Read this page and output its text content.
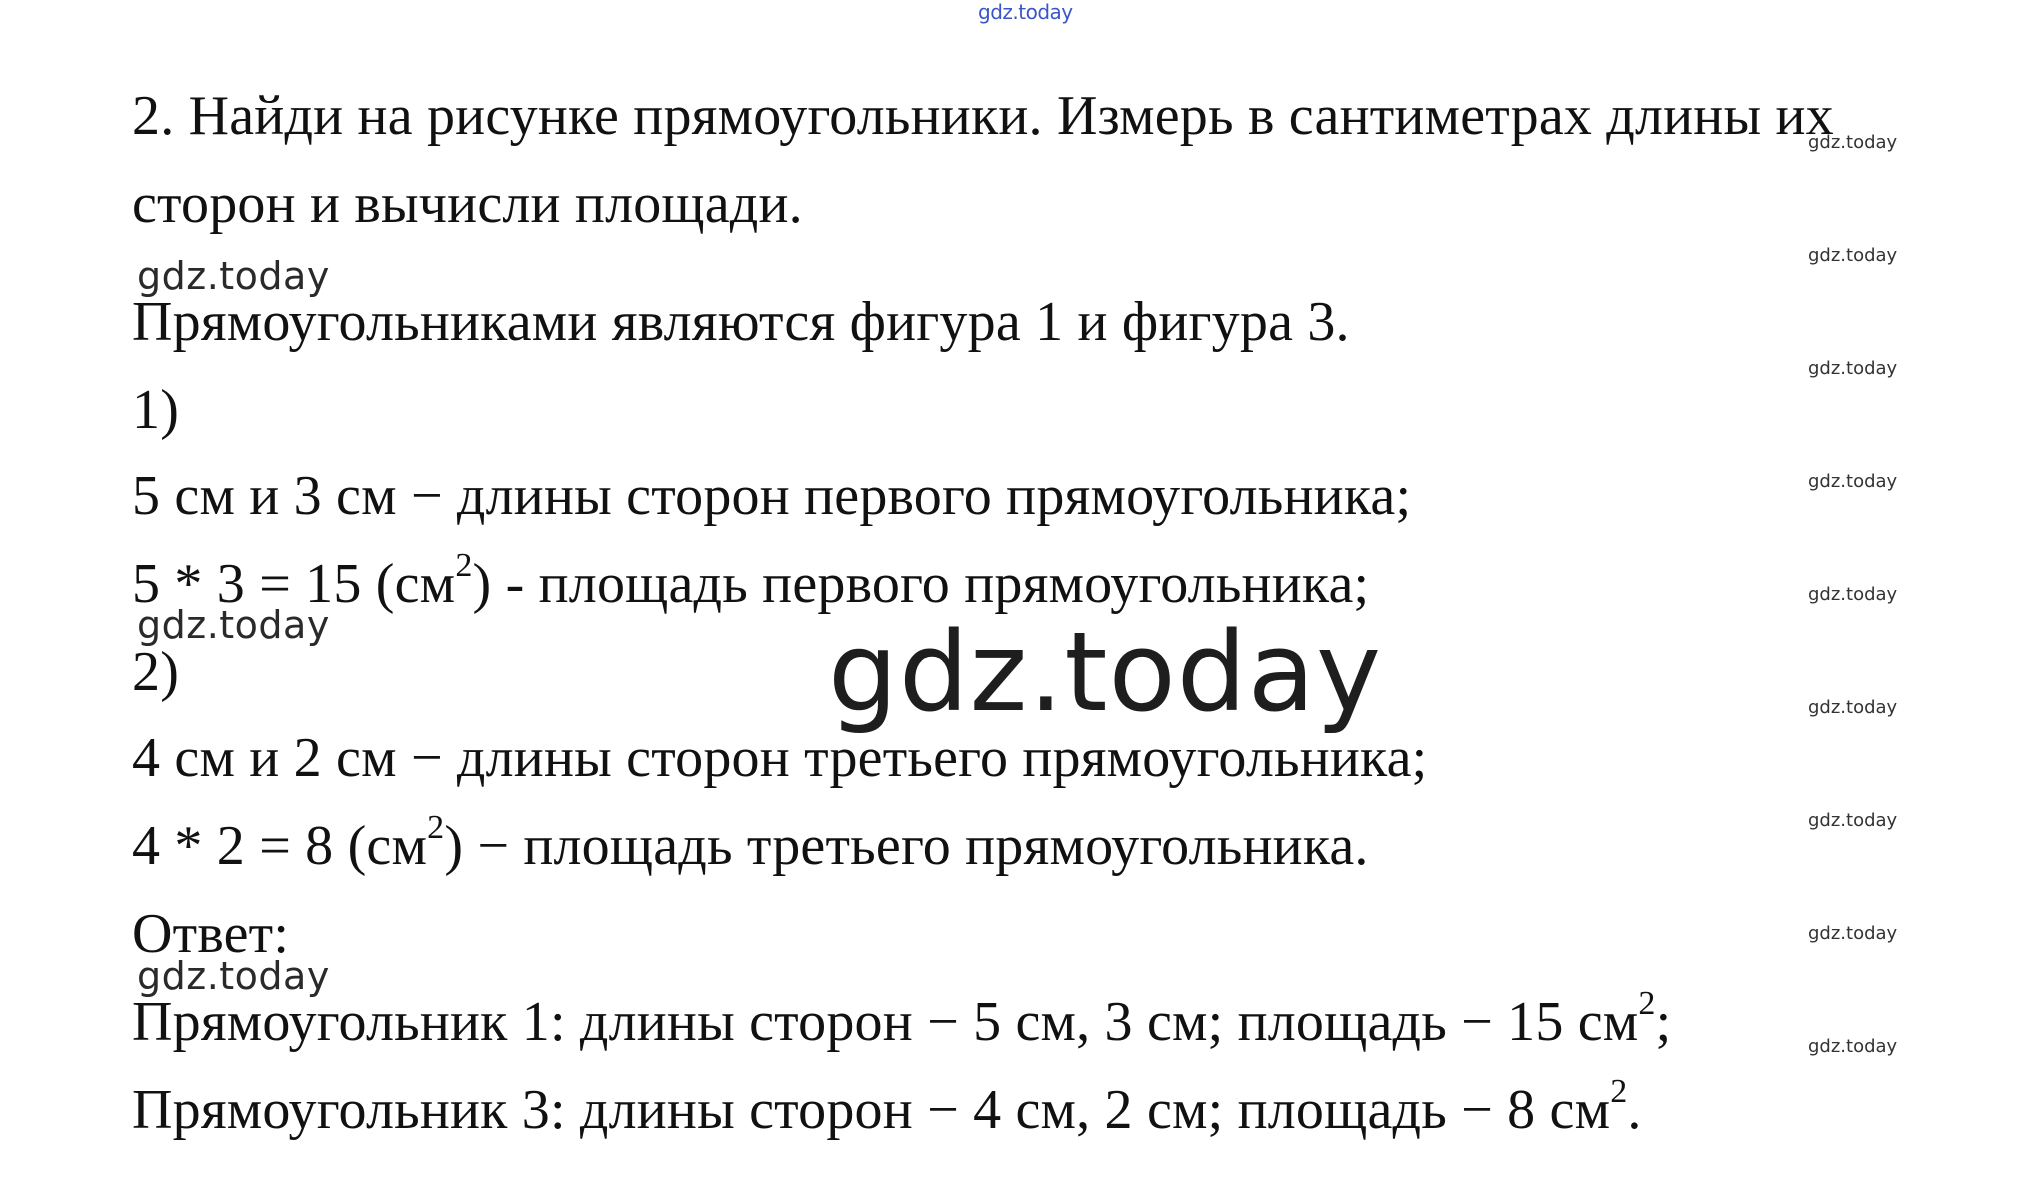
gdz.today
2. Найди на рисунке прямоугольники. Измерь в сантиметрах длины их
сторон и вычисли площади.
gdz.today
Прямоугольниками являются фигура 1 и фигура 3.
1)
5 см и 3 см − длины сторон первого прямоугольника;
5 * 3 = 15 $(см^2)$ - площадь первого прямоугольника;
gdz.today
2)	gdz.today
4 см и 2 см − длины сторон третьего прямоугольника;
4 * 2 = 8 $(см^2)$ − площадь третьего прямоугольника.
Ответ:
gdz.today
Прямоугольник 1: длины сторон − 5 см, 3 см; площадь − 15 $см^2$;
Прямоугольник 3: длины сторон − 4 см, 2 см; площадь − 8 $см^2$.
gdz.today
gdz.today
gdz.today
gdz.today
gdz.today
gdz.today
gdz.today
gdz.today
gdz.today
